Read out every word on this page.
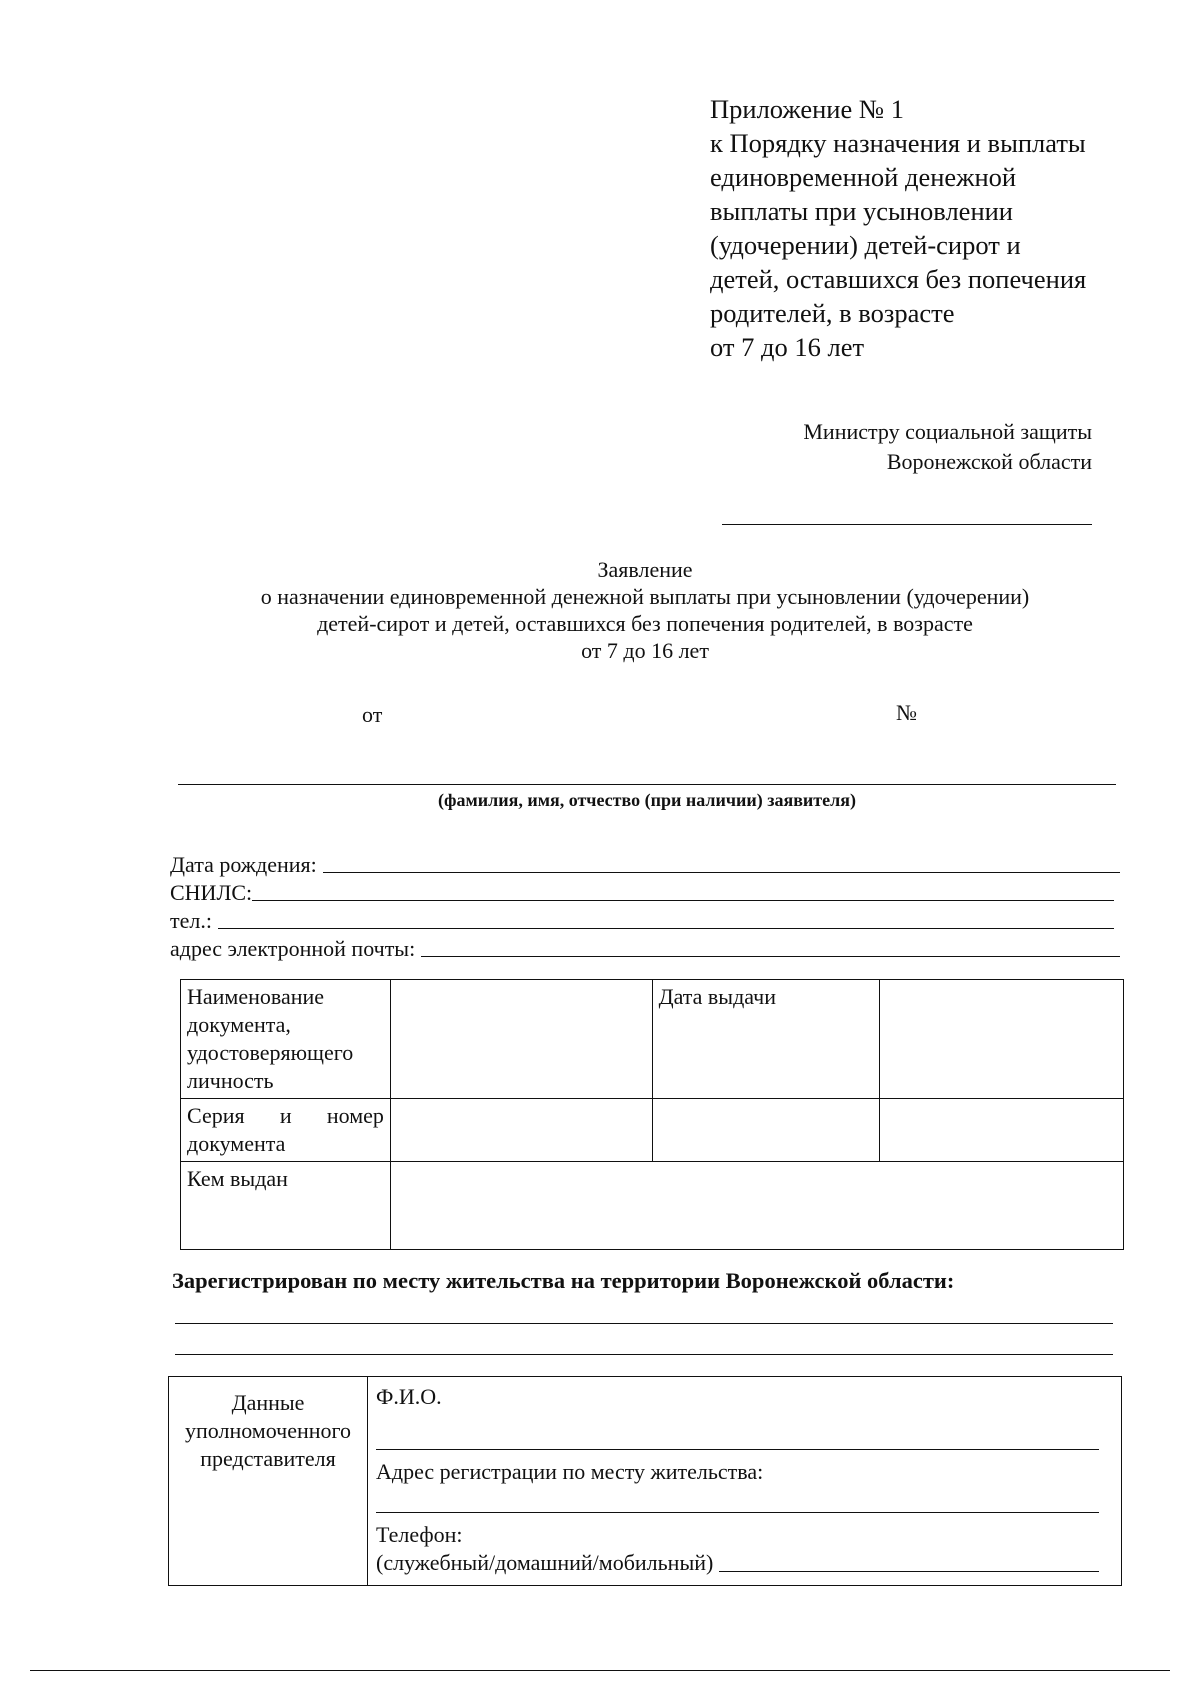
Приложение № 1
к Порядку назначения и выплаты
единовременной денежной
выплаты при усыновлении
(удочерении) детей-сирот и
детей, оставшихся без попечения
родителей, в возрасте
от 7 до 16 лет
Министру социальной защиты
Воронежской области
Заявление
о назначении единовременной денежной выплаты при усыновлении (удочерении)
детей-сирот и детей, оставшихся без попечения родителей, в возрасте
от 7 до 16 лет
от	№
(фамилия, имя, отчество (при наличии) заявителя)
Дата рождения:
СНИЛС:
тел.:
адрес электронной почты:
Наименование документа, удостоверяющего личность		Дата выдачи	

Серия и номер
документа			

Кем выдан			
Зарегистрирован по месту жительства на территории Воронежской области:
Данные уполномоченного представителя	
Ф.И.О.
Адрес регистрации по месту жительства:
Телефон:
(служебный/домашний/мобильный)
